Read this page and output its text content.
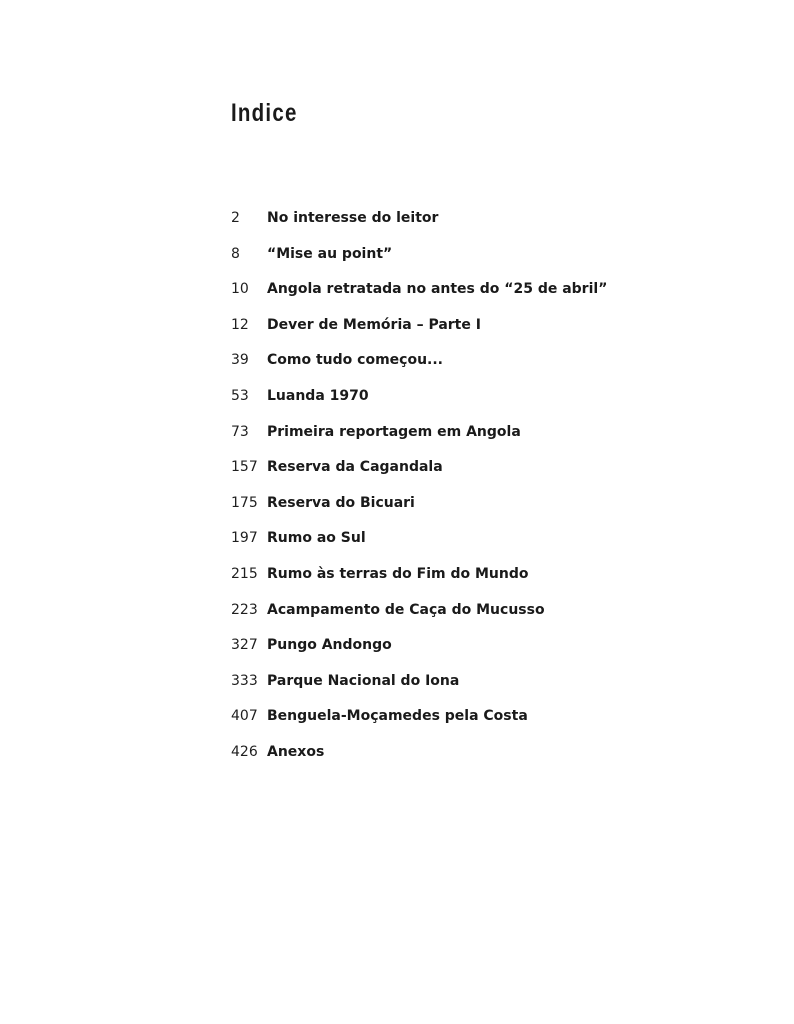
Indice
2	No interesse do leitor
8	“Mise au point”
10	Angola retratada no antes do “25 de abril”
12	Dever de Memória – Parte I
39	Como tudo começou...
53	Luanda 1970
73	Primeira reportagem em Angola
157 Reserva da Cagandala
175 Reserva do Bicuari
197 Rumo ao Sul
215 Rumo às terras do Fim do Mundo
223 Acampamento de Caça do Mucusso
327 Pungo Andongo
333 Parque Nacional do Iona
407 Benguela-Moçamedes pela Costa
426 Anexos
